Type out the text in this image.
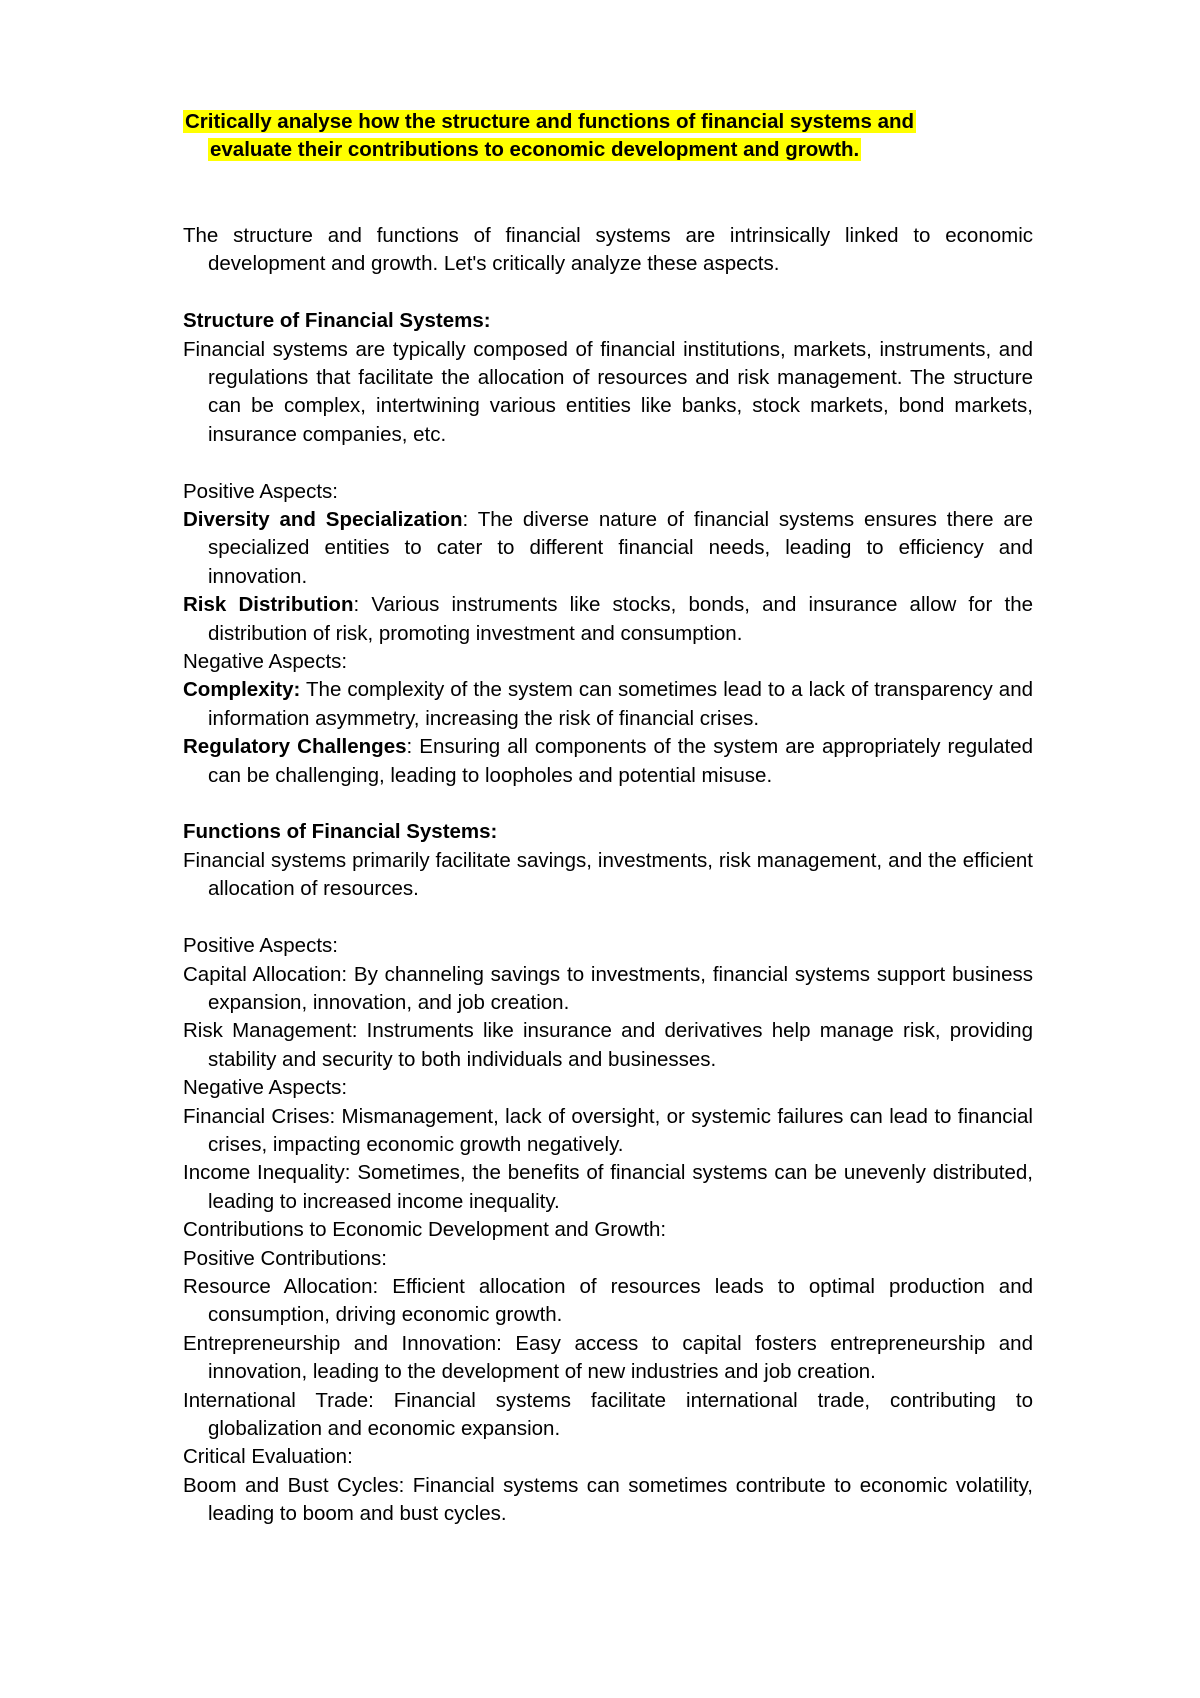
Critically analyse how the structure and functions of financial systems and
evaluate their contributions to economic development and growth.

The structure and functions of financial systems are intrinsically linked to economic development and growth. Let's critically analyze these aspects.

Structure of Financial Systems:

Financial systems are typically composed of financial institutions, markets, instruments, and regulations that facilitate the allocation of resources and risk management. The structure can be complex, intertwining various entities like banks, stock markets, bond markets, insurance companies, etc.

Positive Aspects:

Diversity and Specialization: The diverse nature of financial systems ensures there are specialized entities to cater to different financial needs, leading to efficiency and innovation.

Risk Distribution: Various instruments like stocks, bonds, and insurance allow for the distribution of risk, promoting investment and consumption.

Negative Aspects:

Complexity: The complexity of the system can sometimes lead to a lack of transparency and information asymmetry, increasing the risk of financial crises.

Regulatory Challenges: Ensuring all components of the system are appropriately regulated can be challenging, leading to loopholes and potential misuse.

Functions of Financial Systems:

Financial systems primarily facilitate savings, investments, risk management, and the efficient allocation of resources.

Positive Aspects:

Capital Allocation: By channeling savings to investments, financial systems support business expansion, innovation, and job creation.

Risk Management: Instruments like insurance and derivatives help manage risk, providing stability and security to both individuals and businesses.

Negative Aspects:

Financial Crises: Mismanagement, lack of oversight, or systemic failures can lead to financial crises, impacting economic growth negatively.

Income Inequality: Sometimes, the benefits of financial systems can be unevenly distributed, leading to increased income inequality.

Contributions to Economic Development and Growth:

Positive Contributions:

Resource Allocation: Efficient allocation of resources leads to optimal production and consumption, driving economic growth.

Entrepreneurship and Innovation: Easy access to capital fosters entrepreneurship and innovation, leading to the development of new industries and job creation.

International Trade: Financial systems facilitate international trade, contributing to globalization and economic expansion.

Critical Evaluation:

Boom and Bust Cycles: Financial systems can sometimes contribute to economic volatility, leading to boom and bust cycles.
